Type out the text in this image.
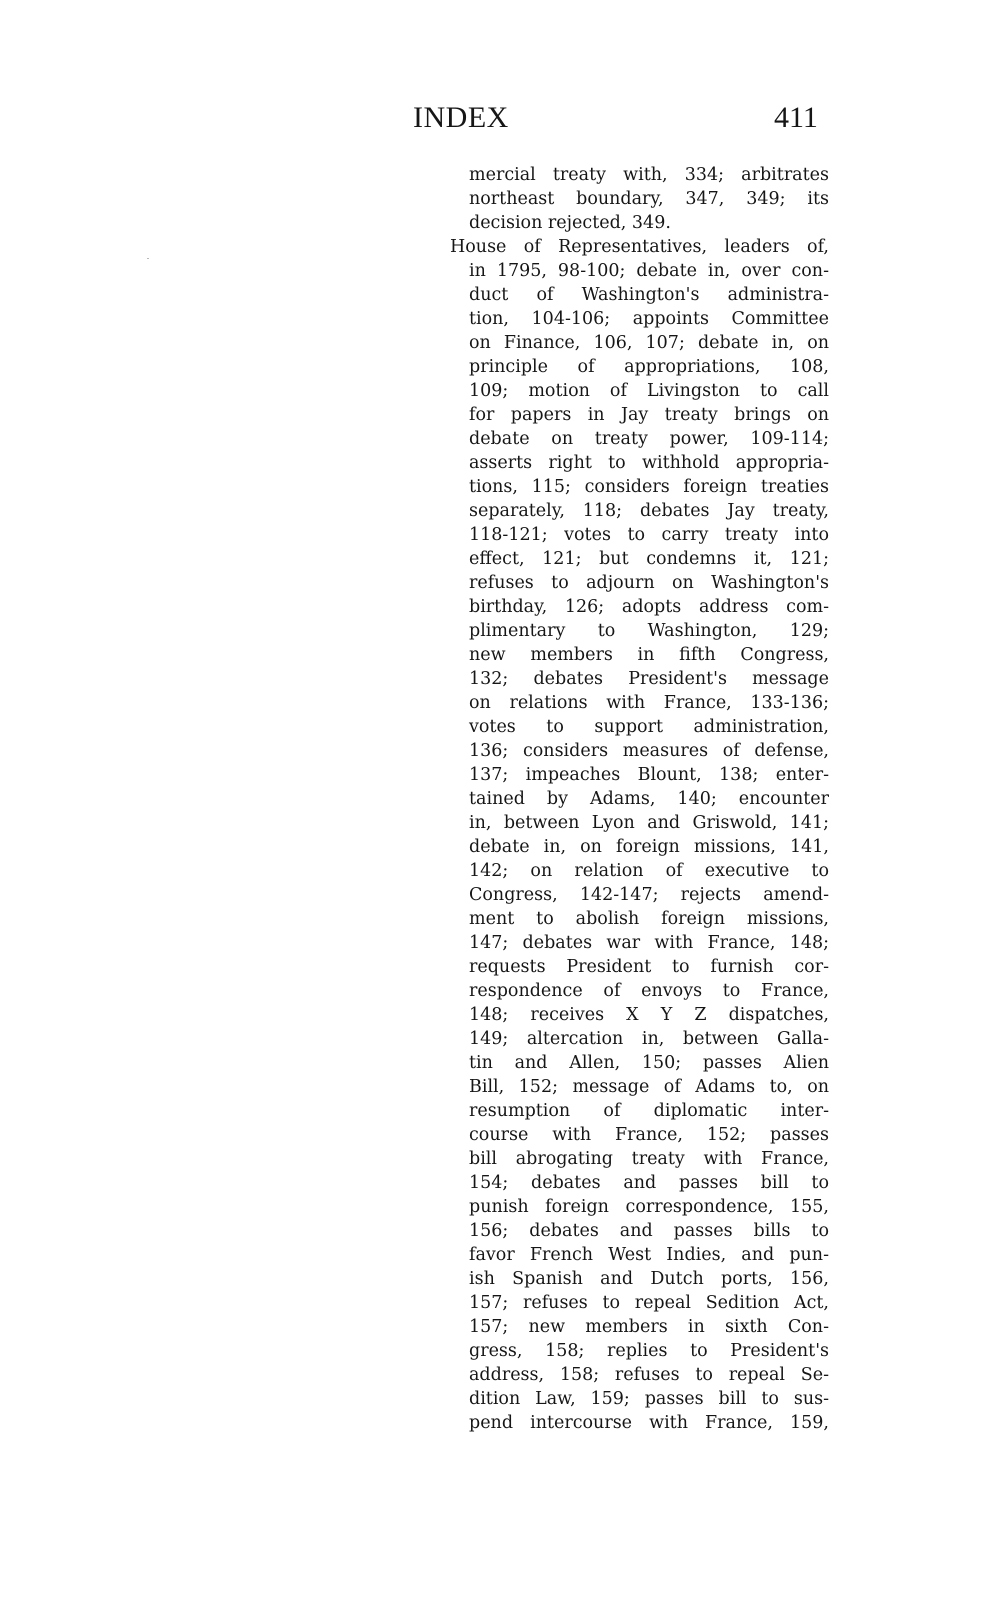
INDEX	411
mercial treaty with, 334; arbitrates
northeast boundary, 347, 349; its
decision rejected, 349.
House of Representatives, leaders of,
in 1795, 98-100; debate in, over con-
duct of Washington's administra-
tion, 104-106; appoints Committee
on Finance, 106, 107; debate in, on
principle of appropriations, 108,
109; motion of Livingston to call
for papers in Jay treaty brings on
debate on treaty power, 109-114;
asserts right to withhold appropria-
tions, 115; considers foreign treaties
separately, 118; debates Jay treaty,
118-121; votes to carry treaty into
effect, 121; but condemns it, 121;
refuses to adjourn on Washington's
birthday, 126; adopts address com-
plimentary to Washington, 129;
new members in fifth Congress,
132; debates President's message
on relations with France, 133-136;
votes to support administration,
136; considers measures of defense,
137; impeaches Blount, 138; enter-
tained by Adams, 140; encounter
in, between Lyon and Griswold, 141;
debate in, on foreign missions, 141,
142; on relation of executive to
Congress, 142-147; rejects amend-
ment to abolish foreign missions,
147; debates war with France, 148;
requests President to furnish cor-
respondence of envoys to France,
148; receives X Y Z dispatches,
149; altercation in, between Galla-
tin and Allen, 150; passes Alien
Bill, 152; message of Adams to, on
resumption of diplomatic inter-
course with France, 152; passes
bill abrogating treaty with France,
154; debates and passes bill to
punish foreign correspondence, 155,
156; debates and passes bills to
favor French West Indies, and pun-
ish Spanish and Dutch ports, 156,
157; refuses to repeal Sedition Act,
157; new members in sixth Con-
gress, 158; replies to President's
address, 158; refuses to repeal Se-
dition Law, 159; passes bill to sus-
pend intercourse with France, 159,
